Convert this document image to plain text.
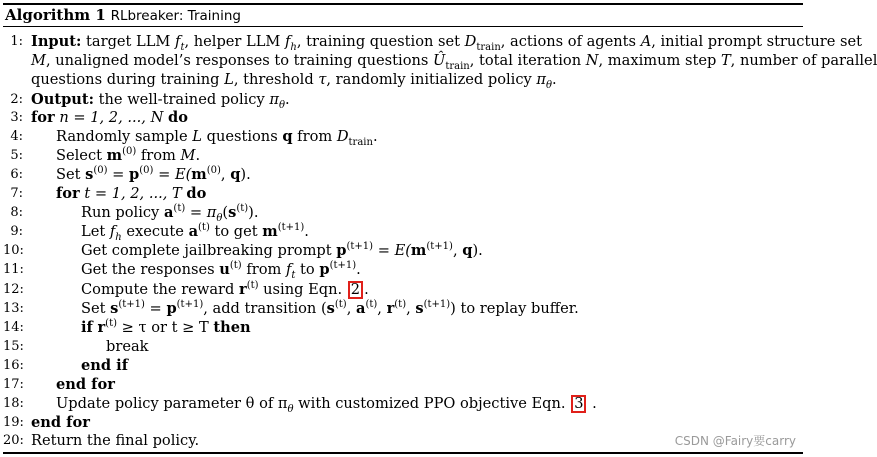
Algorithm 1 RLbreaker: Training
1: Input: target LLM $f_t$, helper LLM $f_h$, training question set $D_{train}$, actions of agents A, initial prompt structure set
M, unaligned model’s responses to training questions $Û_{train}$, total iteration N, maximum step T, number of parallel
questions during training L, threshold τ, randomly initialized policy $\pi_\theta$.
2: Output: the well-trained policy $\pi_\theta$.
3: for n = 1, 2, ..., N do
4: Randomly sample L questions q from $D_{train}$.
5: Select $m^{(0)}$ from M.
6: Set $s^{(0)} = p^{(0)} = E(m^{(0)}$, q).
7: for t = 1, 2, ..., T do
8:	Run policy $a^{(t)} = \pi_\theta(s^{(t)})$.
9:	Let $f_h$ execute $a^{(t)}$ to get $m^{(t+1)}$.
10:	Get complete jailbreaking prompt $p^{(t+1)} = E(m^{(t+1)}$, q).
11:	Get the responses $u^{(t)}$ from $f_t$ to $p^{(t+1)}$.
12:	Compute the reward $r^{(t)}$ using Eqn. 2 .
13:	Set $s^{(t+1)} = p^{(t+1)}$, add transition ($s^{(t)}$, $a^{(t)}$, $r^{(t)}$, $s^{(t+1)}$) to replay buffer.
14:	if $r^{(t)} \ge \tau$ or t ≥ T then
15:	break
16:	end if
17: end for
18: Update policy parameter θ of $\pi_\theta$ with customized PPO objective Eqn. 3 .
19: end for
20: Return the final policy.	CSDN @Fairy要carry
